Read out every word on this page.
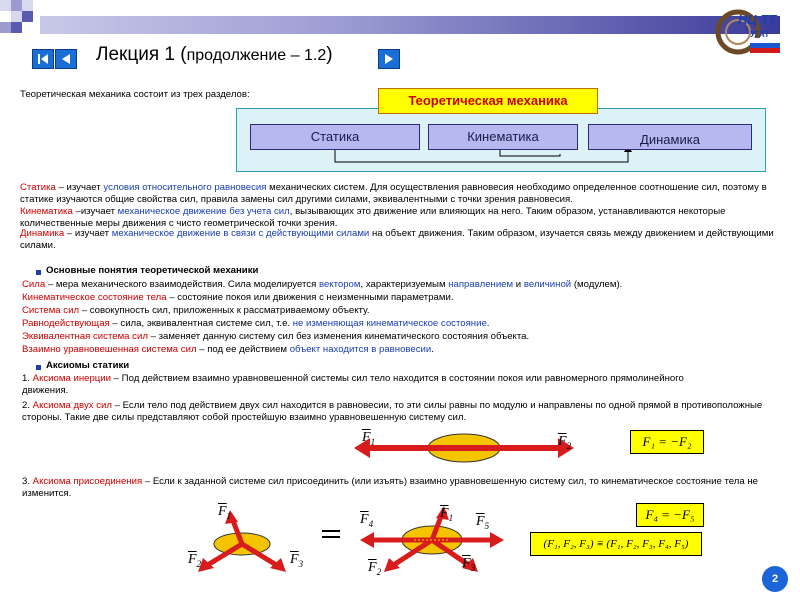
НЦ ТТ
УГАТ
Лекция 1 (продолжение – 1.2)
Теоретическая механика состоит из трех разделов:	Теоретическая механика
Статика	Кинематика	Динамика
Статика – изучает условия относительного равновесия механических систем. Для осуществления равновесия необходимо определенное соотношение сил, поэтому в статике изучаются общие свойства сил, правила замены сил другими силами, эквивалентными с точки зрения равновесия.
Кинематика –изучает механическое движение без учета сил, вызывающих это движение или влияющих на него. Таким образом, устанавливаются некоторые количественные меры движения с чисто геометрической точки зрения.
Динамика – изучает механическое движение в связи с действующими силами на объект движения. Таким образом, изучается связь между движением и действующими силами.
Основные понятия теоретической механики
Сила – мера механического взаимодействия. Сила моделируется вектором, характеризуемым направлением и величиной (модулем).
Кинематическое состояние тела – состояние покоя или движения с неизменными параметрами.
Система сил – совокупность сил, приложенных к рассматриваемому объекту.
Равнодействующая – сила, эквивалентная системе сил, т.е. не изменяющая кинематическое состояние.
Эквивалентная система сил – заменяет данную систему сил без изменения кинематического состояния объекта.
Взаимно уравновешенная система сил – под ее действием объект находится в равновесии.
Аксиомы статики
1. Аксиома инерции – Под действием взаимно уравновешенной системы сил тело находится в состоянии покоя или равномерного прямолинейного движения.
2. Аксиома двух сил – Если тело под действием двух сил находится в равновесии, то эти силы равны по модулю и направлены по одной прямой в противоположные стороны. Такие две силы представляют собой простейшую взаимно уравновешенную систему сил.
$\overline{F}_1$	$\overline{F}_2$	F₁ = −F₂
3. Аксиома присоединения – Если к заданной системе сил присоединить (или изъять) взаимно уравновешенную систему сил, то кинематическое состояние тела не изменится.
$\overline{F}_1$
$\overline{F}_2$	$\overline{F}_3$
$\overline{F}_4$
$\overline{F}_1$ $\overline{F}_5$
$\overline{F}_2$
$\overline{F}_3$
F₄ = −F₅
(F₁, F₂, F₃) ≡ (F₁, F₂, F₃, F₄, F₅)
2
